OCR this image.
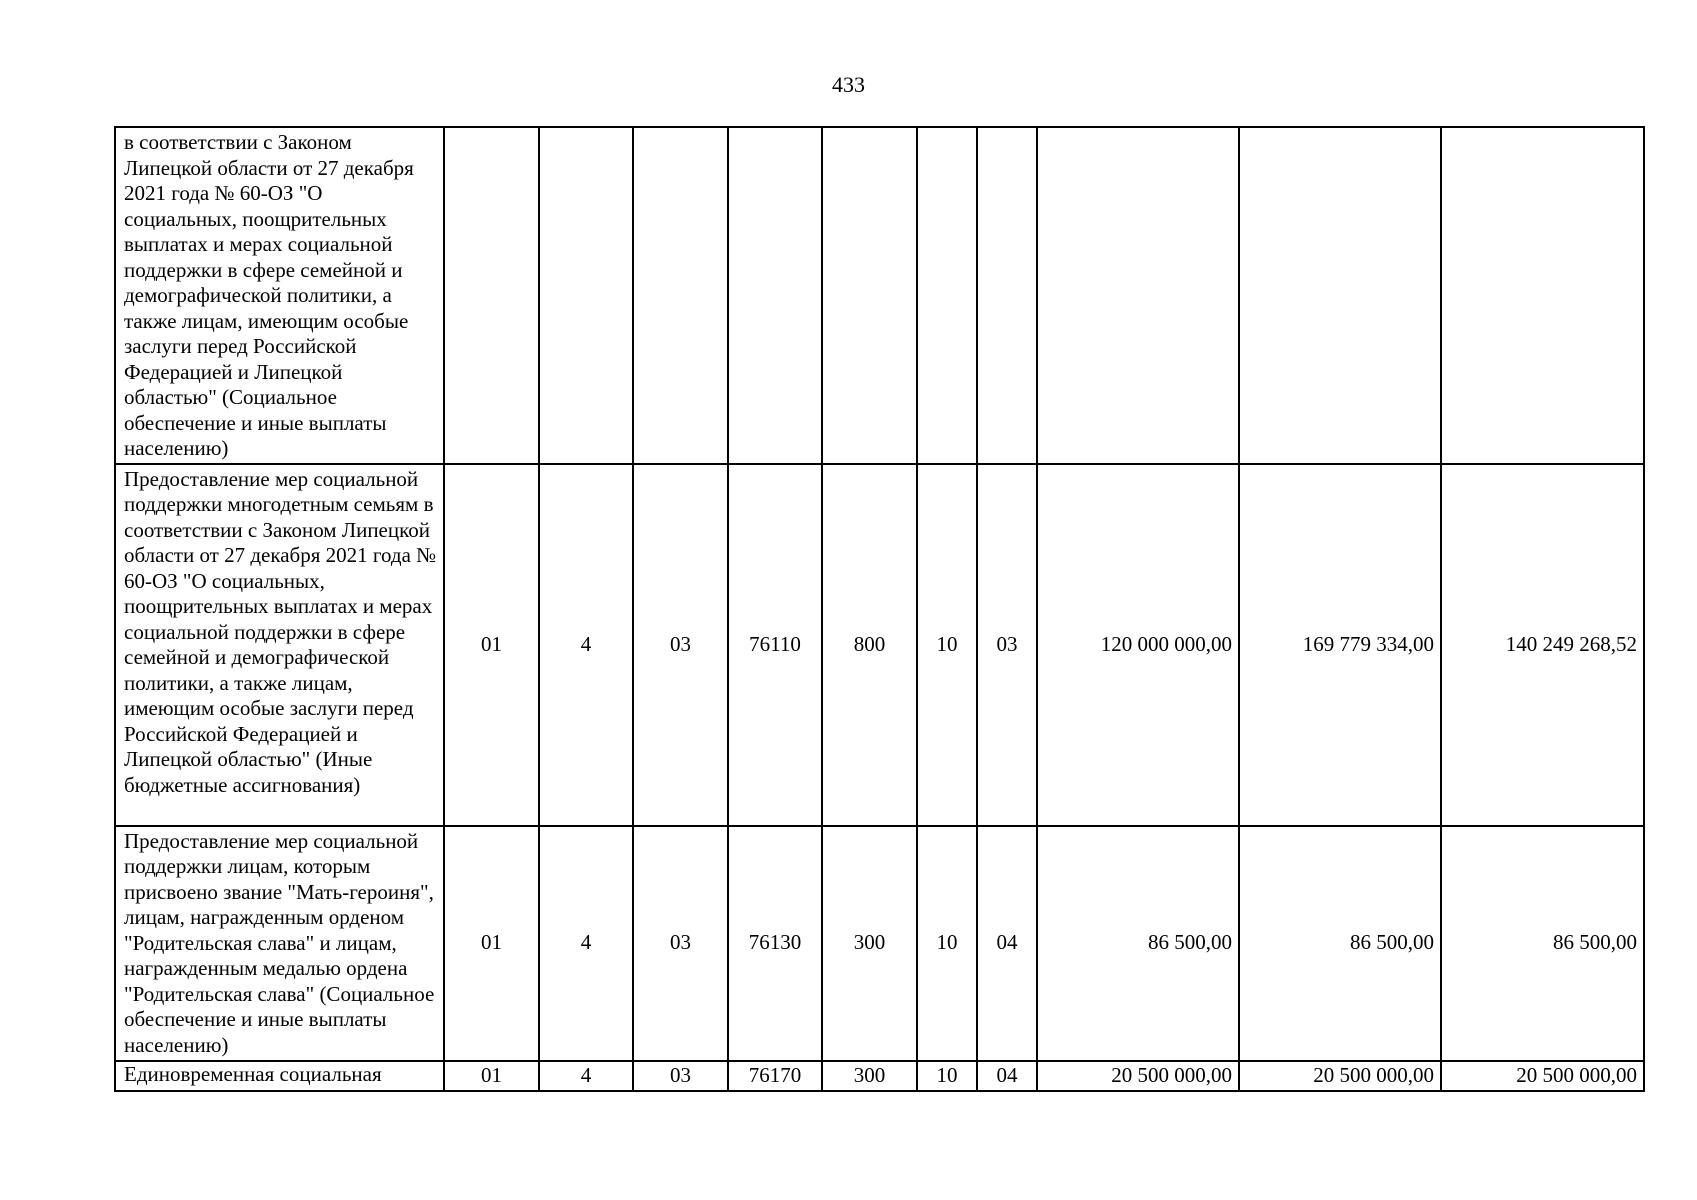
433
в соответствии с Законом Липецкой области от 27 декабря 2021 года № 60-ОЗ "О социальных, поощрительных выплатах и мерах социальной поддержки в сфере семейной и демографической политики, а также лицам, имеющим особые заслуги перед Российской Федерацией и Липецкой областью" (Социальное обеспечение и иные выплаты населению)										
Предоставление мер социальной поддержки многодетным семьям в соответствии с Законом Липецкой области от 27 декабря 2021 года № 60-ОЗ "О социальных, поощрительных выплатах и мерах социальной поддержки в сфере семейной и демографической политики, а также лицам, имеющим особые заслуги перед Российской Федерацией и Липецкой областью" (Иные бюджетные ассигнования)	01	4	03	76110	800	10	03	120 000 000,00	169 779 334,00	140 249 268,52
Предоставление мер социальной поддержки лицам, которым присвоено звание "Мать-героиня", лицам, награжденным орденом "Родительская слава" и лицам, награжденным медалью ордена "Родительская слава" (Социальное обеспечение и иные выплаты населению)	01	4	03	76130	300	10	04	86 500,00	86 500,00	86 500,00
Единовременная социальная	01	4	03	76170	300	10	04	20 500 000,00	20 500 000,00	20 500 000,00
